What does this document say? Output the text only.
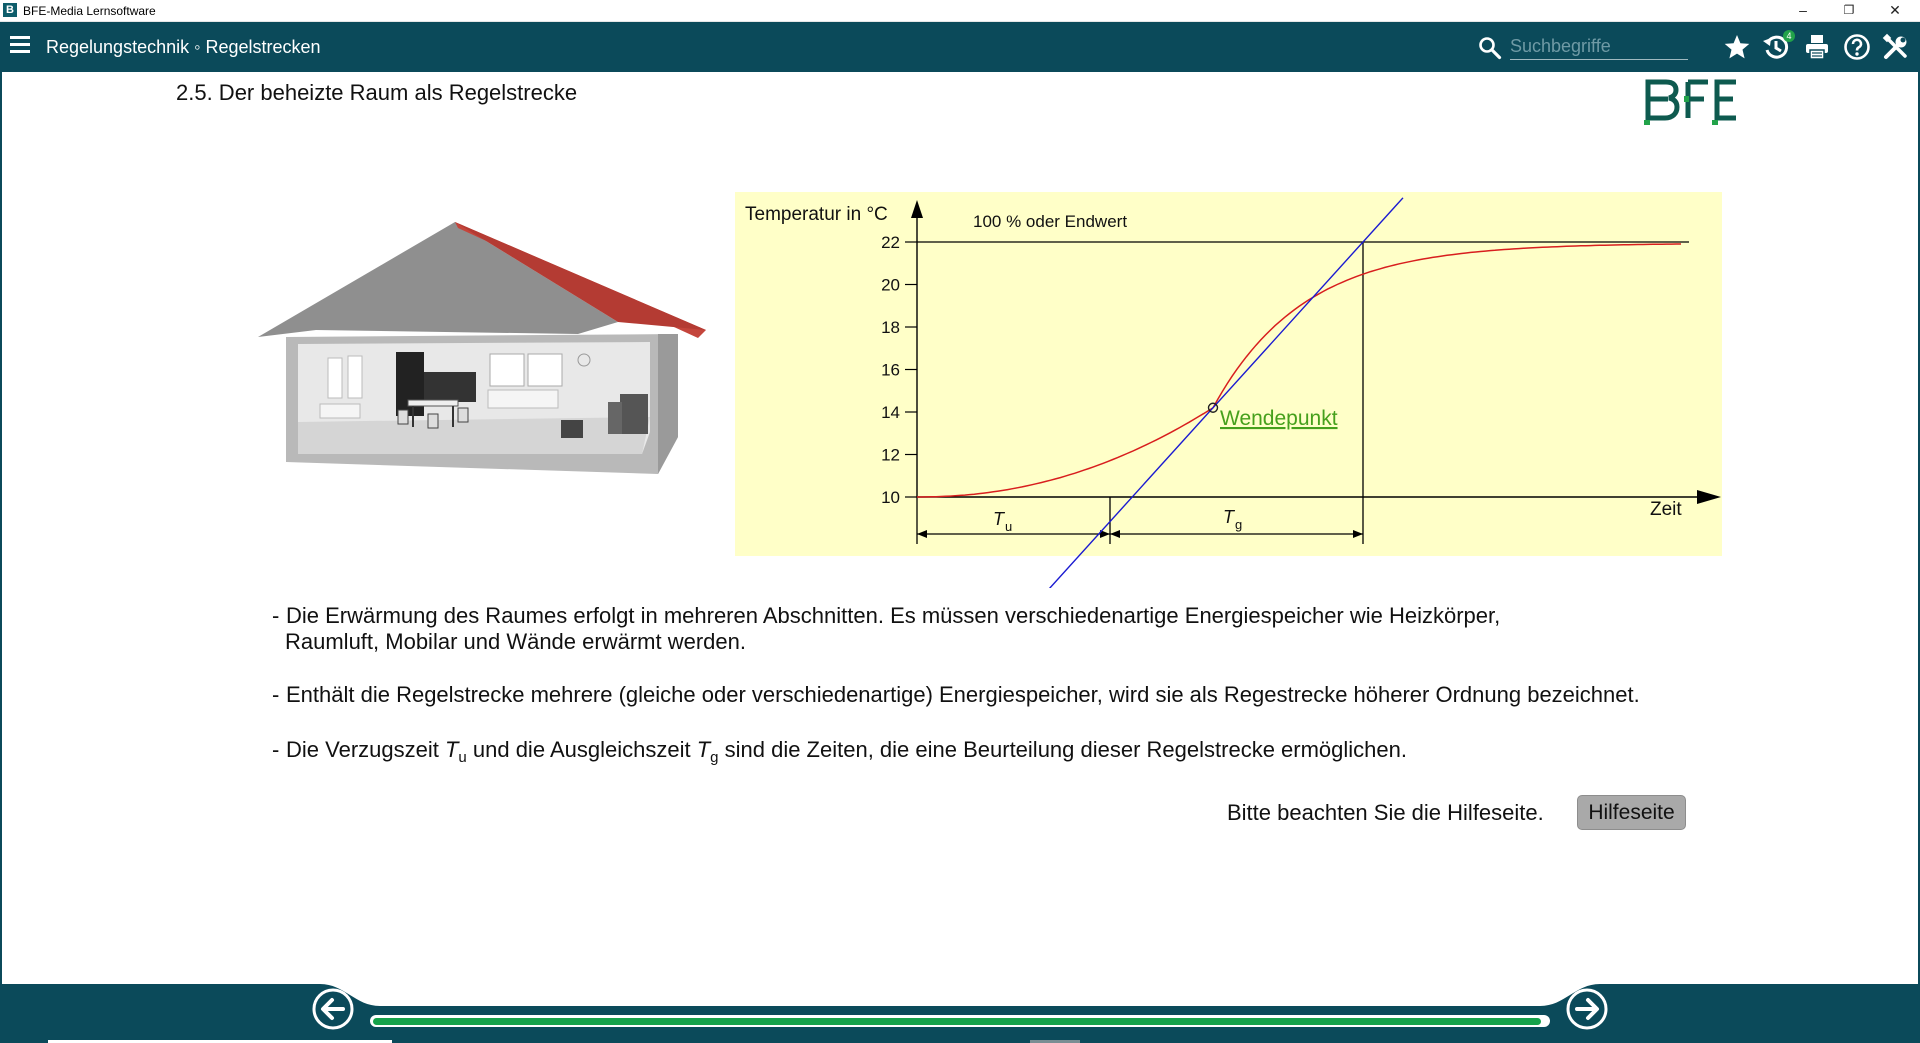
B BFE-Media Lernsoftware	–	❐	✕
Regelungstechnik ◦ Regelstrecken
Suchbegriffe
4
2.5. Der beheizte Raum als Regelstrecke
Temperatur in °C
Zeit
10
12
14
16
18
20
22
100 % oder Endwert
T u	T g
Wendepunkt
- Die Erwärmung des Raumes erfolgt in mehreren Abschnitten. Es müssen verschiedenartige Energiespeicher wie Heizkörper,
Raumluft, Mobilar und Wände erwärmt werden.
- Enthält die Regelstrecke mehrere (gleiche oder verschiedenartige) Energiespeicher, wird sie als Regestrecke höherer Ordnung bezeichnet.
- Die Verzugszeit $T_u$ und die Ausgleichszeit $T_g$ sind die Zeiten, die eine Beurteilung dieser Regelstrecke ermöglichen.
Bitte beachten Sie die Hilfeseite.	Hilfeseite
